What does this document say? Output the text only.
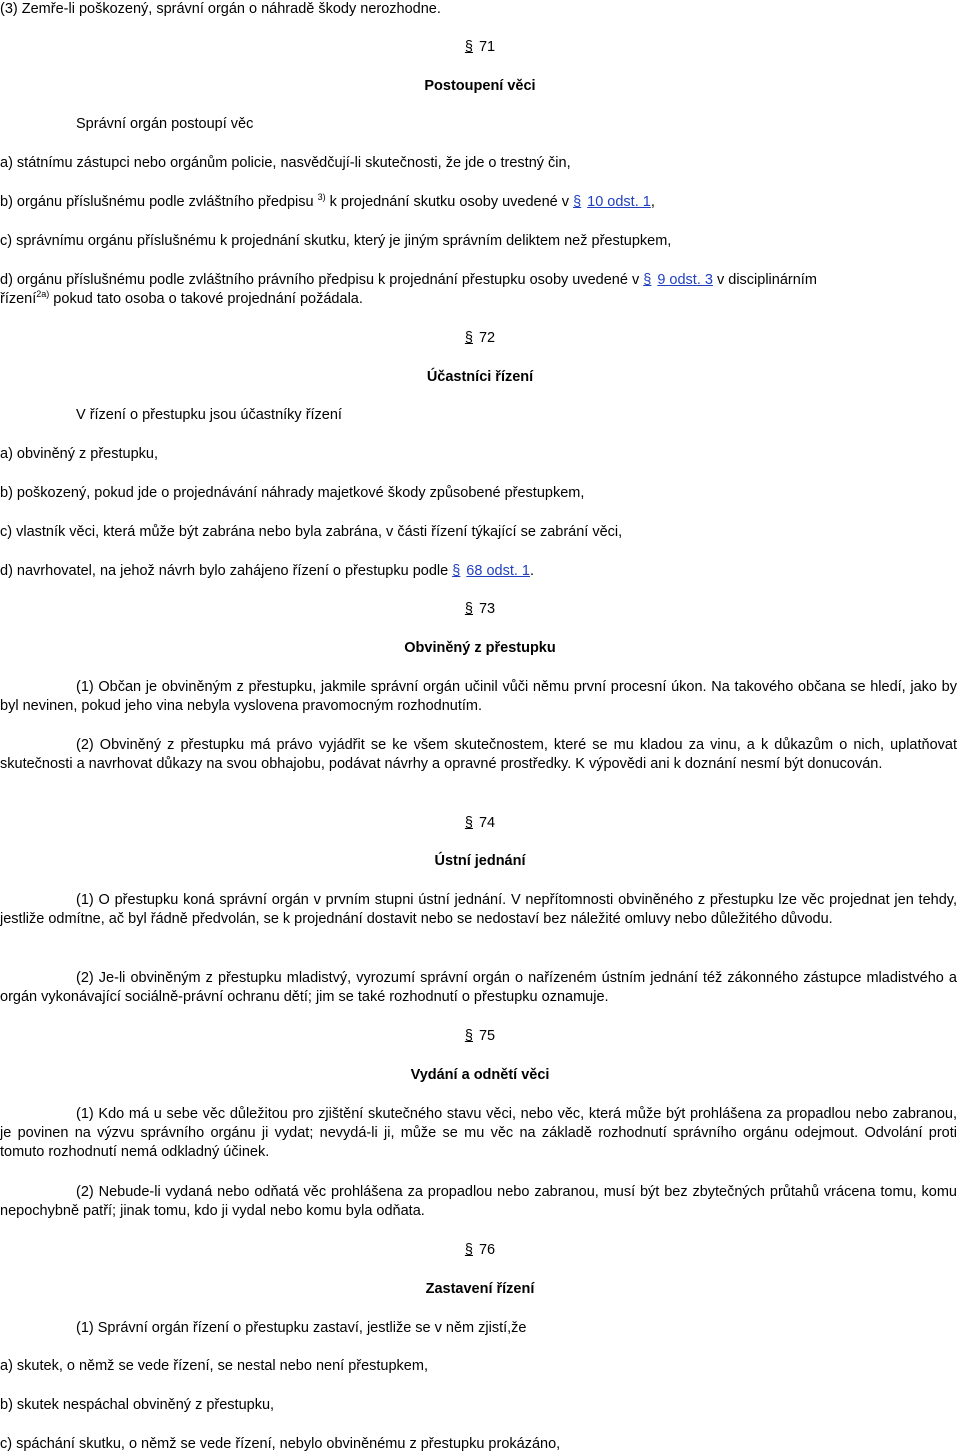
(3) Zemře-li poškozený, správní orgán o náhradě škody nerozhodne.

§ 71

Postoupení věci

Správní orgán postoupí věc

a) státnímu zástupci nebo orgánům policie, nasvědčují-li skutečnosti, že jde o trestný čin,

b) orgánu příslušnému podle zvláštního předpisu $^{3)}$ k projednání skutku osoby uvedené v § 10 odst. 1,

c) správnímu orgánu příslušnému k projednání skutku, který je jiným správním deliktem než přestupkem,

d) orgánu příslušnému podle zvláštního právního předpisu k projednání přestupku osoby uvedené v § 9 odst. 3 v disciplinárním

řízení$^{2a)}$ pokud tato osoba o takové projednání požádala.

§ 72

Účastníci řízení

V řízení o přestupku jsou účastníky řízení

a) obviněný z přestupku,

b) poškozený, pokud jde o projednávání náhrady majetkové škody způsobené přestupkem,

c) vlastník věci, která může být zabrána nebo byla zabrána, v části řízení týkající se zabrání věci,

d) navrhovatel, na jehož návrh bylo zahájeno řízení o přestupku podle § 68 odst. 1.

§ 73

Obviněný z přestupku

(1) Občan je obviněným z přestupku, jakmile správní orgán učinil vůči němu první procesní úkon. Na takového občana se hledí, jako by byl nevinen, pokud jeho vina nebyla vyslovena pravomocným rozhodnutím.

(2) Obviněný z přestupku má právo vyjádřit se ke všem skutečnostem, které se mu kladou za vinu, a k důkazům o nich, uplatňovat skutečnosti a navrhovat důkazy na svou obhajobu, podávat návrhy a opravné prostředky. K výpovědi ani k doznání nesmí být donucován.

§ 74

Ústní jednání

(1) O přestupku koná správní orgán v prvním stupni ústní jednání. V nepřítomnosti obviněného z přestupku lze věc projednat jen tehdy, jestliže odmítne, ač byl řádně předvolán, se k projednání dostavit nebo se nedostaví bez náležité omluvy nebo důležitého důvodu.

(2) Je-li obviněným z přestupku mladistvý, vyrozumí správní orgán o nařízeném ústním jednání též zákonného zástupce mladistvého a orgán vykonávající sociálně-právní ochranu dětí; jim se také rozhodnutí o přestupku oznamuje.

§ 75

Vydání a odnětí věci

(1) Kdo má u sebe věc důležitou pro zjištění skutečného stavu věci, nebo věc, která může být prohlášena za propadlou nebo zabranou, je povinen na výzvu správního orgánu ji vydat; nevydá-li ji, může se mu věc na základě rozhodnutí správního orgánu odejmout. Odvolání proti tomuto rozhodnutí nemá odkladný účinek.

(2) Nebude-li vydaná nebo odňatá věc prohlášena za propadlou nebo zabranou, musí být bez zbytečných průtahů vrácena tomu, komu nepochybně patří; jinak tomu, kdo ji vydal nebo komu byla odňata.

§ 76

Zastavení řízení

(1) Správní orgán řízení o přestupku zastaví, jestliže se v něm zjistí,že

a) skutek, o němž se vede řízení, se nestal nebo není přestupkem,

b) skutek nespáchal obviněný z přestupku,

c) spáchání skutku, o němž se vede řízení, nebylo obviněnému z přestupku prokázáno,
